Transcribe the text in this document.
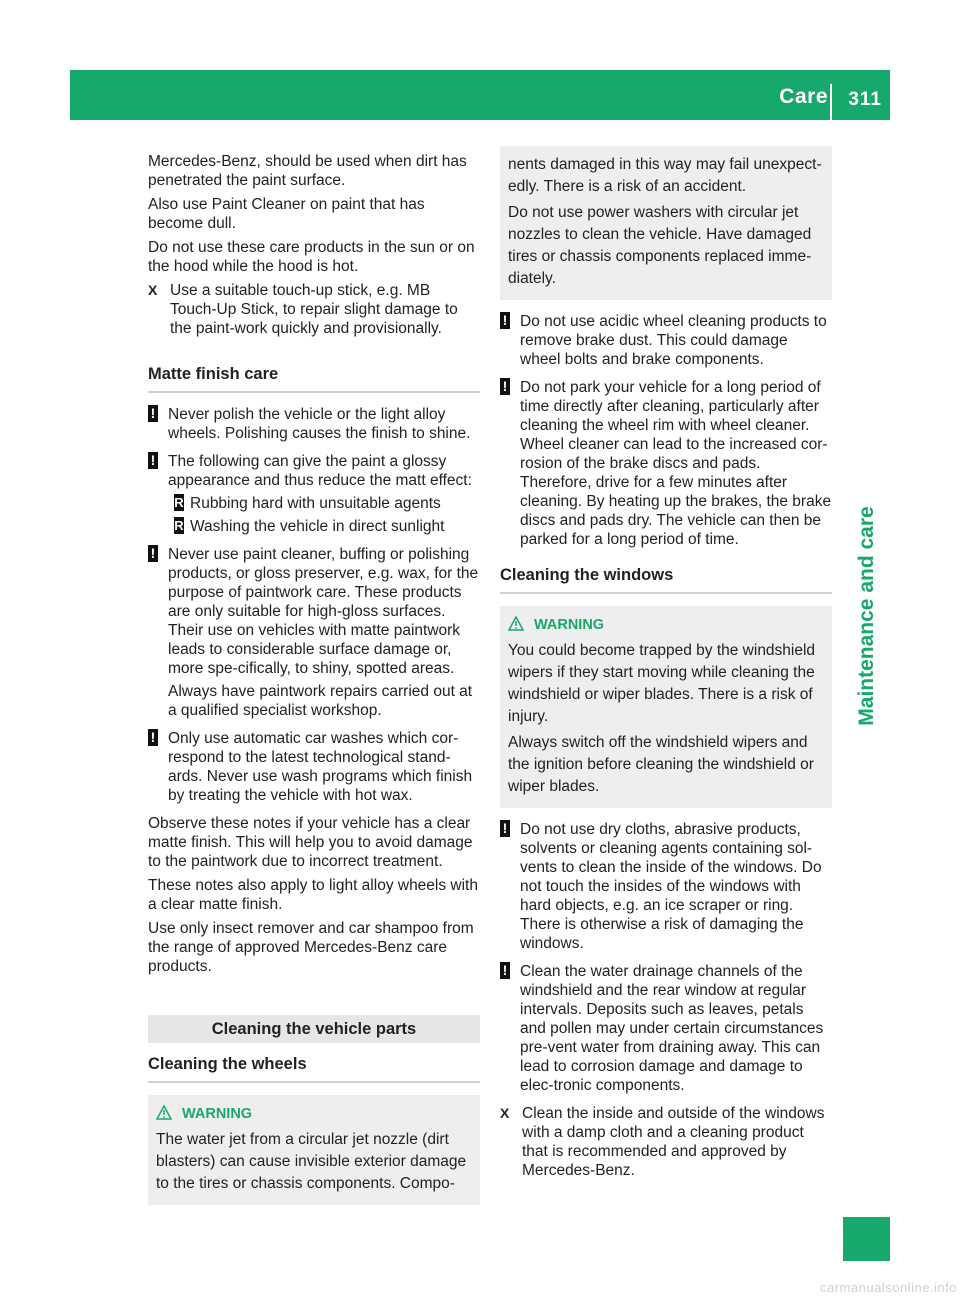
Care 311
Maintenance and care

Mercedes-Benz, should be used when dirt has penetrated the paint surface.

Also use Paint Cleaner on paint that has become dull.

Do not use these care products in the sun or on the hood while the hood is hot.

X Use a suitable touch-up stick, e.g. MB Touch-Up Stick, to repair slight damage to the paint-work quickly and provisionally.
Matte finish care
! Never polish the vehicle or the light alloy wheels. Polishing causes the finish to shine.

! The following can give the paint a glossy appearance and thus reduce the matt effect:

R Rubbing hard with unsuitable agents
R Washing the vehicle in direct sunlight
! Never use paint cleaner, buffing or polishing products, or gloss preserver, e.g. wax, for the purpose of paintwork care. These products are only suitable for high-gloss surfaces. Their use on vehicles with matte paintwork leads to considerable surface damage or, more spe-cifically, to shiny, spotted areas.

Always have paintwork repairs carried out at a qualified specialist workshop.

! Only use automatic car washes which cor-respond to the latest technological stand-ards. Never use wash programs which finish by treating the vehicle with hot wax.

Observe these notes if your vehicle has a clear matte finish. This will help you to avoid damage to the paintwork due to incorrect treatment.

These notes also apply to light alloy wheels with a clear matte finish.

Use only insect remover and car shampoo from the range of approved Mercedes-Benz care products.

Cleaning the vehicle parts
Cleaning the wheels
WARNING

The water jet from a circular jet nozzle (dirt blasters) can cause invisible exterior damage to the tires or chassis components. Compo-

nents damaged in this way may fail unexpect-edly. There is a risk of an accident.

Do not use power washers with circular jet nozzles to clean the vehicle. Have damaged tires or chassis components replaced imme-diately.

! Do not use acidic wheel cleaning products to remove brake dust. This could damage wheel bolts and brake components.

! Do not park your vehicle for a long period of time directly after cleaning, particularly after cleaning the wheel rim with wheel cleaner. Wheel cleaner can lead to the increased cor-rosion of the brake discs and pads. Therefore, drive for a few minutes after cleaning. By heating up the brakes, the brake discs and pads dry. The vehicle can then be parked for a long period of time.

Cleaning the windows
WARNING

You could become trapped by the windshield wipers if they start moving while cleaning the windshield or wiper blades. There is a risk of injury.

Always switch off the windshield wipers and the ignition before cleaning the windshield or wiper blades.

! Do not use dry cloths, abrasive products, solvents or cleaning agents containing sol-vents to clean the inside of the windows. Do not touch the insides of the windows with hard objects, e.g. an ice scraper or ring. There is otherwise a risk of damaging the windows.

! Clean the water drainage channels of the windshield and the rear window at regular intervals. Deposits such as leaves, petals and pollen may under certain circumstances pre-vent water from draining away. This can lead to corrosion damage and damage to elec-tronic components.

X Clean the inside and outside of the windows with a damp cloth and a cleaning product that is recommended and approved by Mercedes-Benz.
carmanualsonline.info
